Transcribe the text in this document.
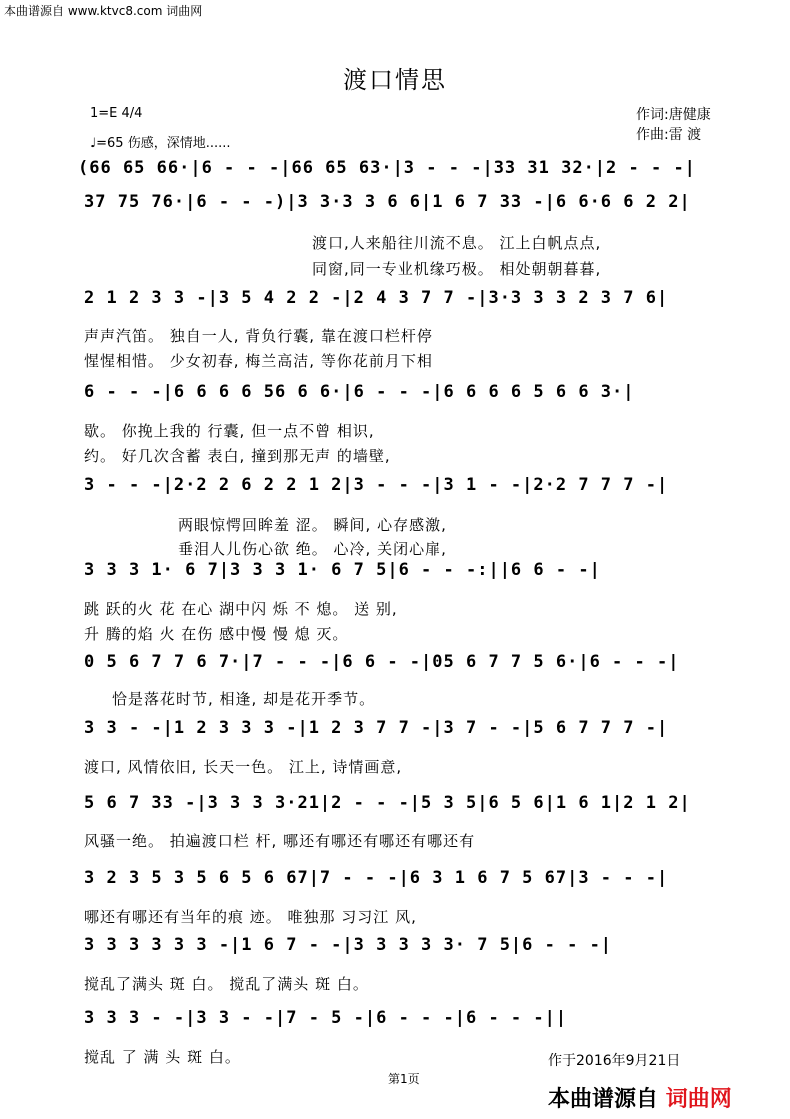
本曲谱源自 www.ktvc8.com 词曲网
渡口情思
1=E 4/4
♩=65 伤感，深情地......
作词:唐健康
作曲:雷 渡
(66 65 66·|6 - - -|66 65 63·|3 - - -|33 31 32·|2 - - -|
37 75 76·|6 - - -)|3 3·3 3 6 6|1 6 7 33 -|6 6·6 6 2 2|
渡口,人来船往川流不息。 江上白帆点点,
同窗,同一专业机缘巧极。 相处朝朝暮暮,
2 1 2 3 3 -|3 5 4 2 2 -|2 4 3 7 7 -|3·3 3 3 2 3 7 6|
声声汽笛。 独自一人, 背负行囊, 靠在渡口栏杆停
惺惺相惜。 少女初春, 梅兰高洁, 等你花前月下相
6 - - -|6 6 6 6 56 6 6·|6 - - -|6 6 6 6 5 6 6 3·|
歇。 你挽上我的 行囊, 但一点不曾 相识,
约。 好几次含蓄 表白, 撞到那无声 的墙壁,
3 - - -|2·2 2 6 2 2 1 2|3 - - -|3 1 - -|2·2 7 7 7 -|
两眼惊愕回眸羞 涩。 瞬间, 心存感激,
垂泪人儿伤心欲 绝。 心冷, 关闭心扉,
3 3 3 1· 6 7|3 3 3 1· 6 7 5|6 - - -:||6 6 - -|
跳 跃的火 花 在心 湖中闪 烁 不 熄。 送 别,
升 腾的焰 火 在伤 感中慢 慢 熄 灭。
0 5 6 7 7 6 7·|7 - - -|6 6 - -|05 6 7 7 5 6·|6 - - -|
恰是落花时节, 相逢, 却是花开季节。
3 3 - -|1 2 3 3 3 -|1 2 3 7 7 -|3 7 - -|5 6 7 7 7 -|
渡口, 风情依旧, 长天一色。 江上, 诗情画意,
5 6 7 33 -|3 3 3 3·21|2 - - -|5 3 5|6 5 6|1 6 1|2 1 2|
风骚一绝。 拍遍渡口栏 杆, 哪还有哪还有哪还有哪还有
3 2 3 5 3 5 6 5 6 67|7 - - -|6 3 1 6 7 5 67|3 - - -|
哪还有哪还有当年的痕 迹。 唯独那 习习江 风,
3 3 3 3 3 3 -|1 6 7 - -|3 3 3 3 3· 7 5|6 - - -|
搅乱了满头 斑 白。 搅乱了满头 斑 白。
3 3 3 - -|3 3 - -|7 - 5 -|6 - - -|6 - - -||
搅乱 了 满 头 斑 白。	作于2016年9月21日
第1页
本曲谱源自 词曲网
